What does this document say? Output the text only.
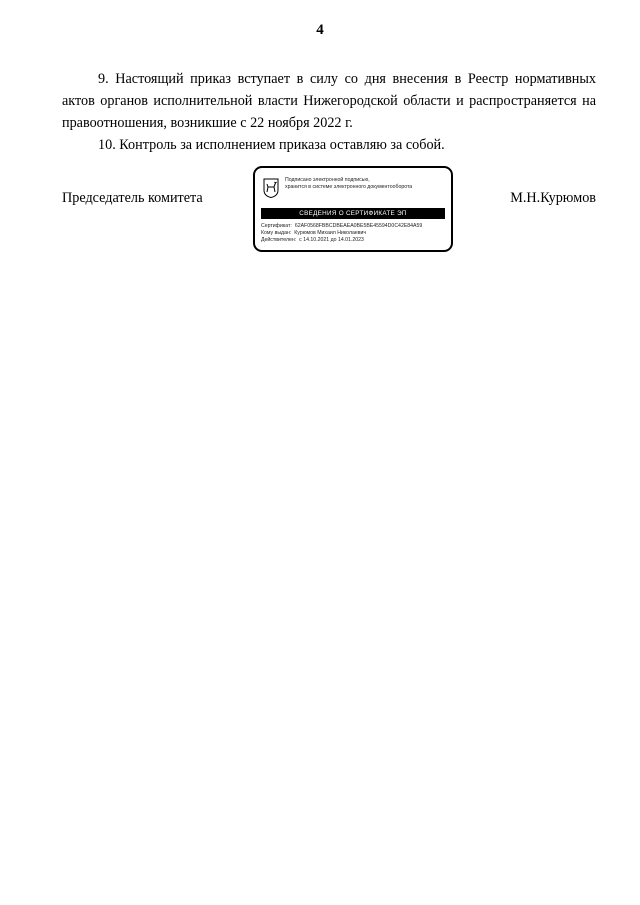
4

9. Настоящий приказ вступает в силу со дня внесения в Реестр нормативных актов органов исполнительной власти Нижегородской области и распространяется на правоотношения, возникшие с 22 ноября 2022 г.

10. Контроль за исполнением приказа оставляю за собой.

Председатель комитета
Подписано электронной подписью,
хранится в системе электронного документооборота
СВЕДЕНИЯ О СЕРТИФИКАТЕ ЭП
Сертификат: 62AF0568FBBCDBEAEA0BE5BE45594D0C42E84A59
Кому выдан: Курюмов Михаил Николаевич
Действителен: с 14.10.2021 до 14.01.2023
М.Н.Курюмов
